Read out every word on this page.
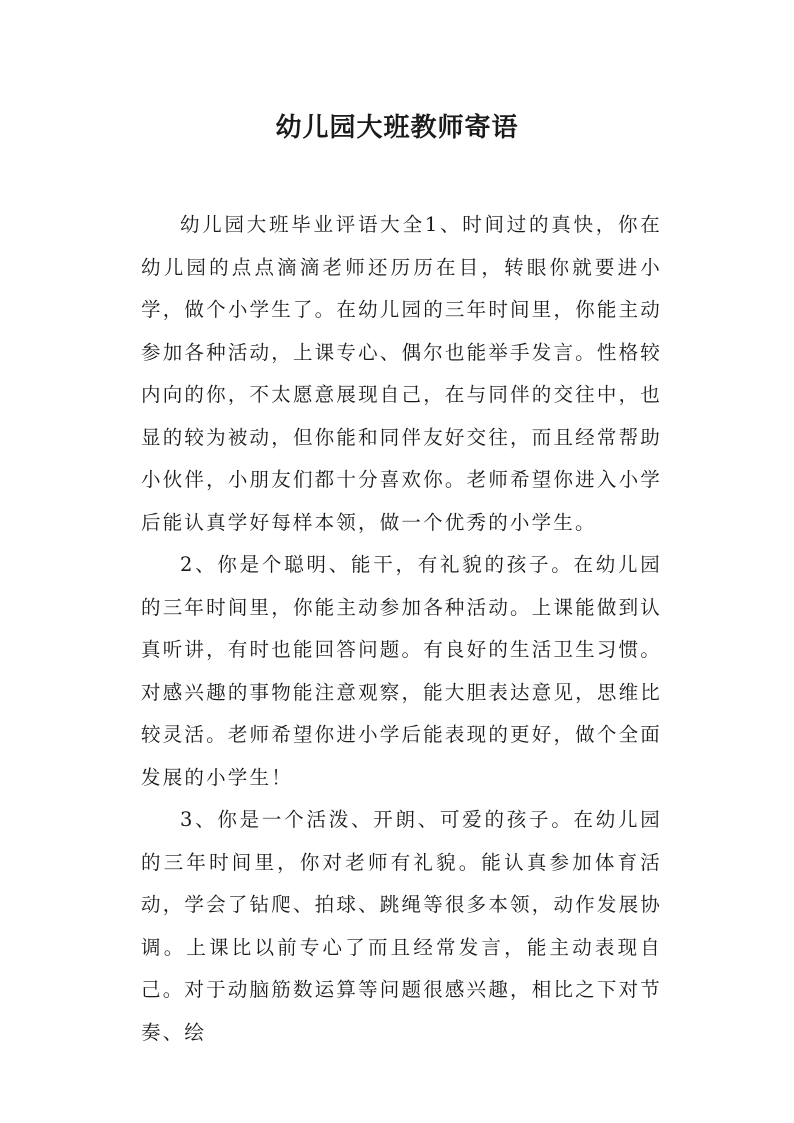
幼儿园大班教师寄语

幼儿园大班毕业评语大全1、时间过的真快，你在幼儿园的点点滴滴老师还历历在目，转眼你就要进小学，做个小学生了。在幼儿园的三年时间里，你能主动参加各种活动，上课专心、偶尔也能举手发言。性格较内向的你，不太愿意展现自己，在与同伴的交往中，也显的较为被动，但你能和同伴友好交往，而且经常帮助小伙伴，小朋友们都十分喜欢你。老师希望你进入小学后能认真学好每样本领，做一个优秀的小学生。

2、你是个聪明、能干，有礼貌的孩子。在幼儿园的三年时间里，你能主动参加各种活动。上课能做到认真听讲，有时也能回答问题。有良好的生活卫生习惯。对感兴趣的事物能注意观察，能大胆表达意见，思维比较灵活。老师希望你进小学后能表现的更好，做个全面发展的小学生！

3、你是一个活泼、开朗、可爱的孩子。在幼儿园的三年时间里，你对老师有礼貌。能认真参加体育活动，学会了钻爬、拍球、跳绳等很多本领，动作发展协调。上课比以前专心了而且经常发言，能主动表现自己。对于动脑筋数运算等问题很感兴趣，相比之下对节奏、绘
